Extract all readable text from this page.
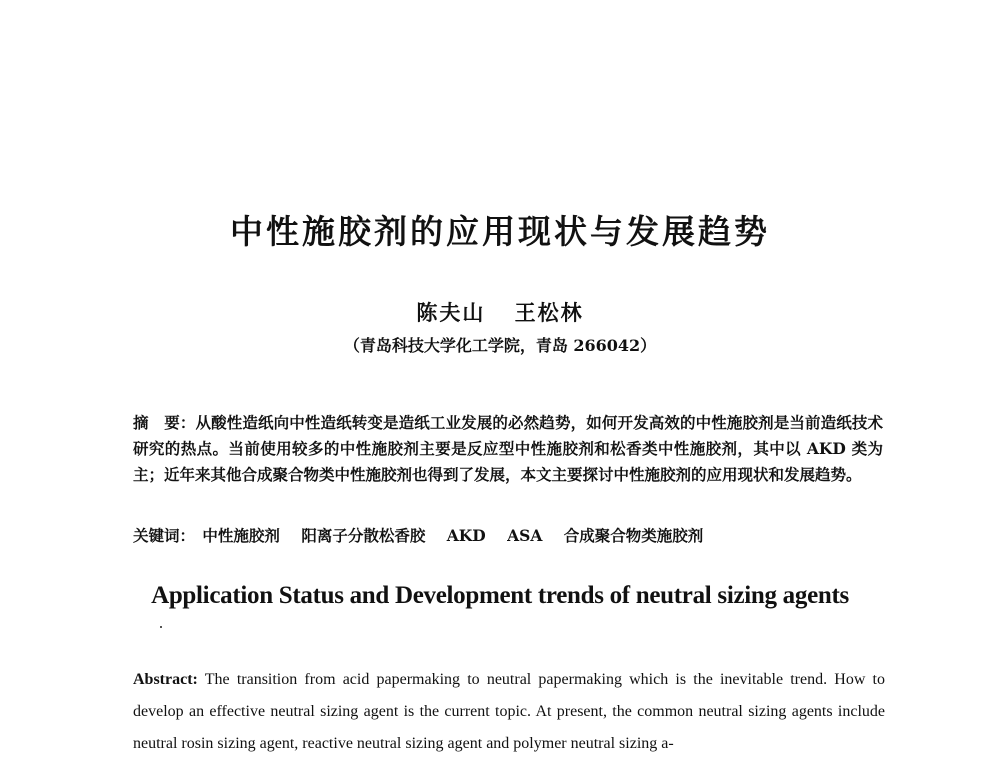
中性施胶剂的应用现状与发展趋势
陈夫山 王松林
（青岛科技大学化工学院，青岛 266042）
摘　要：从酸性造纸向中性造纸转变是造纸工业发展的必然趋势，如何开发高效的中性施胶剂是当前造纸技术研究的热点。当前使用较多的中性施胶剂主要是反应型中性施胶剂和松香类中性施胶剂，其中以 AKD 类为主；近年来其他合成聚合物类中性施胶剂也得到了发展，本文主要探讨中性施胶剂的应用现状和发展趋势。
关键词： 中性施胶剂 阳离子分散松香胶 AKD ASA 合成聚合物类施胶剂
Application Status and Development trends of neutral sizing agents
Abstract: The transition from acid papermaking to neutral papermaking which is the inevitable trend. How to develop an effective neutral sizing agent is the current topic. At present, the common neutral sizing agents include neutral rosin sizing agent, reactive neutral sizing agent and polymer neutral sizing a-
